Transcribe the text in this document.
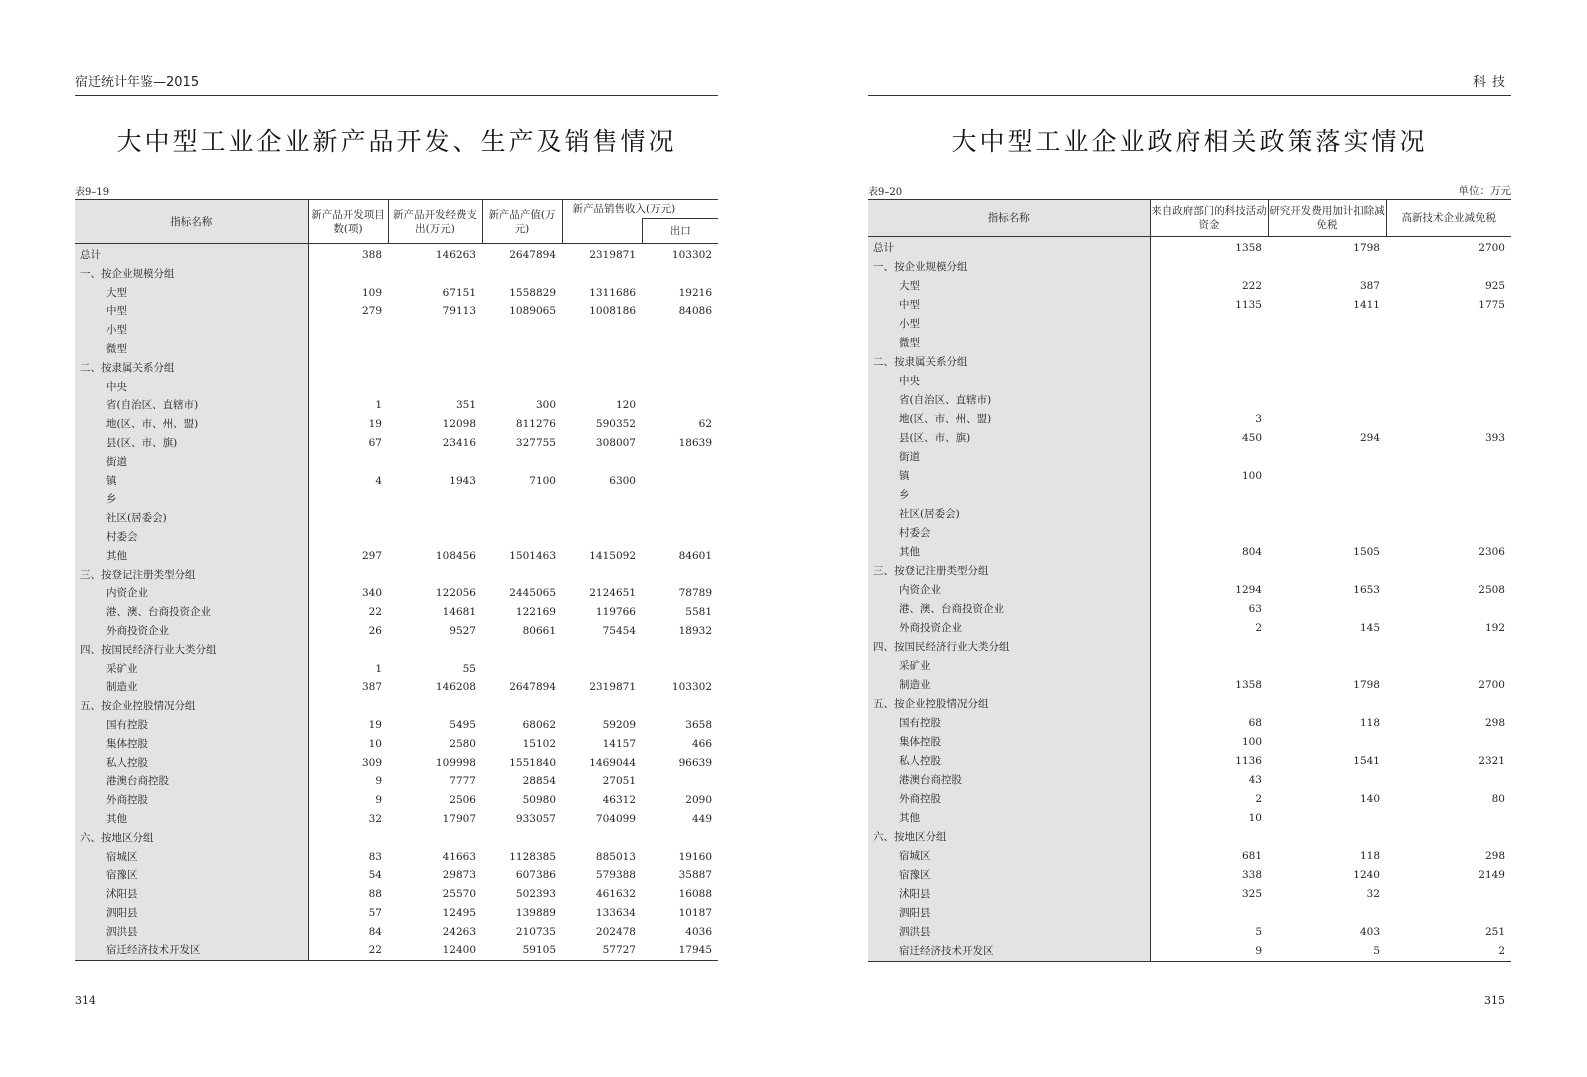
宿迁统计年鉴—2015
大中型工业企业新产品开发、生产及销售情况
表9–19
指标名称	新产品开发项目数(项)	新产品开发经费支出(万元)	新产品产值(万元)	新产品销售收入(万元)	
					出口
总计	388	146263	2647894	2319871	103302
一、按企业规模分组					
大型	109	67151	1558829	1311686	19216
中型	279	79113	1089065	1008186	84086
小型					
微型					
二、按隶属关系分组					
中央					
省(自治区、直辖市)	1	351	300	120	
地(区、市、州、盟)	19	12098	811276	590352	62
县(区、市、旗)	67	23416	327755	308007	18639
街道					
镇	4	1943	7100	6300	
乡					
社区(居委会)					
村委会					
其他	297	108456	1501463	1415092	84601
三、按登记注册类型分组					
内资企业	340	122056	2445065	2124651	78789
港、澳、台商投资企业	22	14681	122169	119766	5581
外商投资企业	26	9527	80661	75454	18932
四、按国民经济行业大类分组					
采矿业	1	55			
制造业	387	146208	2647894	2319871	103302
五、按企业控股情况分组					
国有控股	19	5495	68062	59209	3658
集体控股	10	2580	15102	14157	466
私人控股	309	109998	1551840	1469044	96639
港澳台商控股	9	7777	28854	27051	
外商控股	9	2506	50980	46312	2090
其他	32	17907	933057	704099	449
六、按地区分组					
宿城区	83	41663	1128385	885013	19160
宿豫区	54	29873	607386	579388	35887
沭阳县	88	25570	502393	461632	16088
泗阳县	57	12495	139889	133634	10187
泗洪县	84	24263	210735	202478	4036
宿迁经济技术开发区	22	12400	59105	57727	17945
314
科技
大中型工业企业政府相关政策落实情况
表9–20	单位：万元
指标名称	来自政府部门的科技活动资金	研究开发费用加计扣除减免税	高新技术企业减免税
总计	1358	1798	2700
一、按企业规模分组			
大型	222	387	925
中型	1135	1411	1775
小型			
微型			
二、按隶属关系分组			
中央			
省(自治区、直辖市)			
地(区、市、州、盟)	3		
县(区、市、旗)	450	294	393
街道			
镇	100		
乡			
社区(居委会)			
村委会			
其他	804	1505	2306
三、按登记注册类型分组			
内资企业	1294	1653	2508
港、澳、台商投资企业	63		
外商投资企业	2	145	192
四、按国民经济行业大类分组			
采矿业			
制造业	1358	1798	2700
五、按企业控股情况分组			
国有控股	68	118	298
集体控股	100		
私人控股	1136	1541	2321
港澳台商控股	43		
外商控股	2	140	80
其他	10		
六、按地区分组			
宿城区	681	118	298
宿豫区	338	1240	2149
沭阳县	325	32	
泗阳县			
泗洪县	5	403	251
宿迁经济技术开发区	9	5	2
315
